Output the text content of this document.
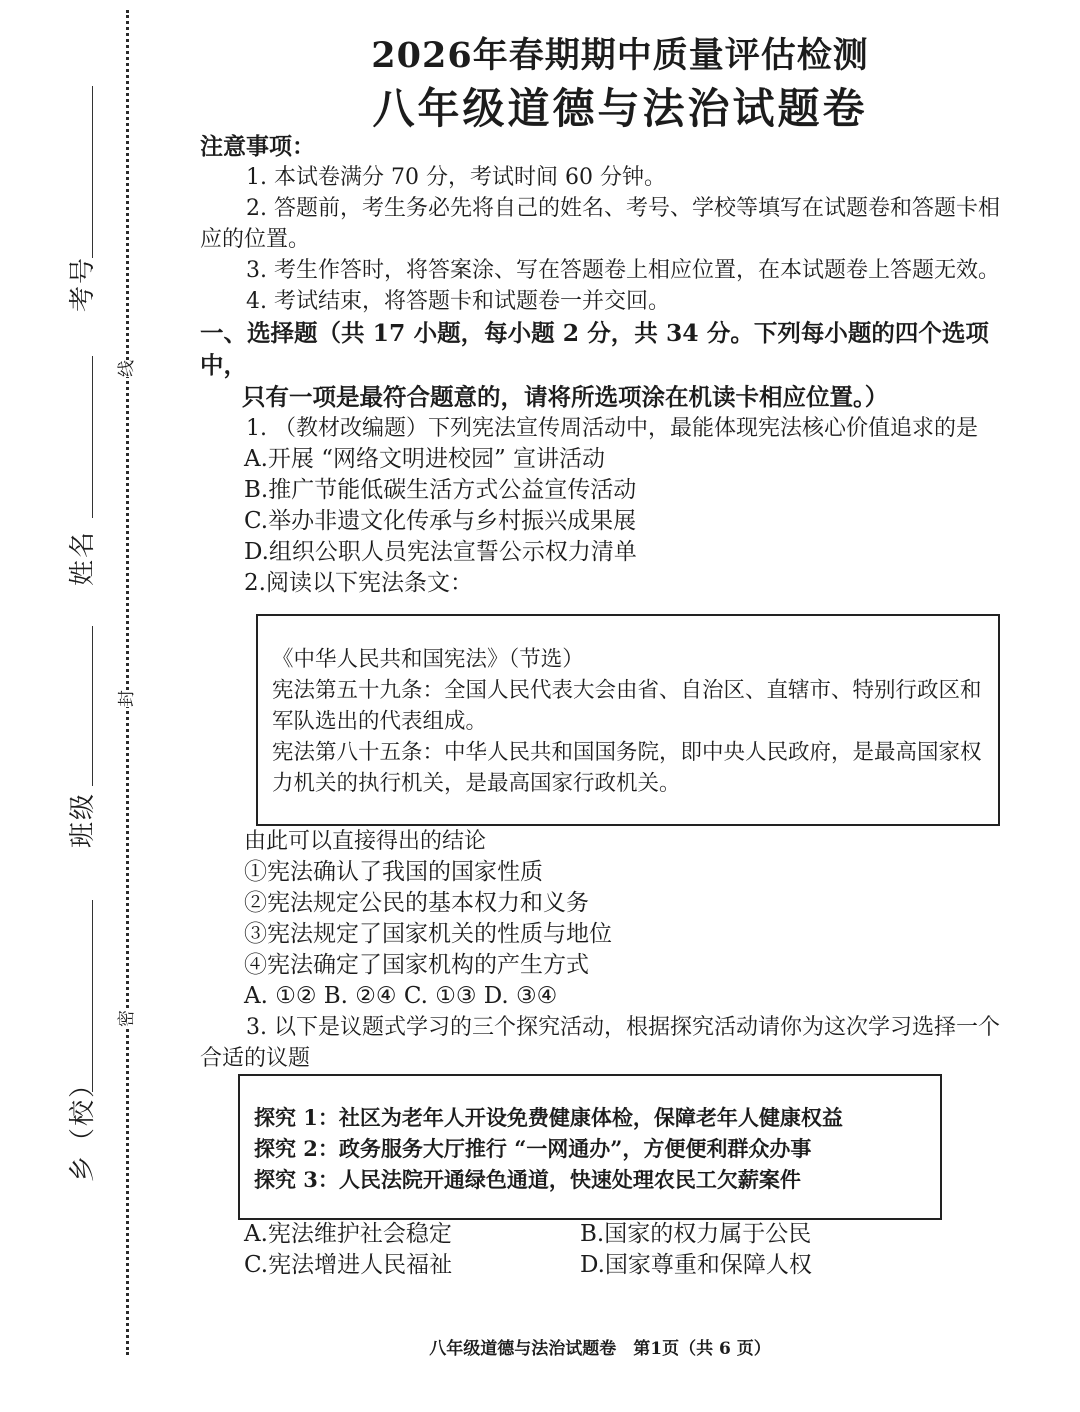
考号
姓名
班级
乡（校）
线
封
密
2026年春期期中质量评估检测
八年级道德与法治试题卷
注意事项：
1. 本试卷满分 70 分，考试时间 60 分钟。
2. 答题前，考生务必先将自己的姓名、考号、学校等填写在试题卷和答题卡相应的位置。
3. 考生作答时，将答案涂、写在答题卷上相应位置，在本试题卷上答题无效。
4. 考试结束，将答题卡和试题卷一并交回。
一、选择题（共 17 小题，每小题 2 分，共 34 分。下列每小题的四个选项中，
只有一项是最符合题意的，请将所选项涂在机读卡相应位置。）
1. （教材改编题）下列宪法宣传周活动中，最能体现宪法核心价值追求的是
A.开展 “网络文明进校园” 宣讲活动
B.推广节能低碳生活方式公益宣传活动
C.举办非遗文化传承与乡村振兴成果展
D.组织公职人员宪法宣誓公示权力清单
2.阅读以下宪法条文：
《中华人民共和国宪法》（节选）
宪法第五十九条：全国人民代表大会由省、自治区、直辖市、特别行政区和军队选出的代表组成。
宪法第八十五条：中华人民共和国国务院，即中央人民政府，是最高国家权力机关的执行机关，是最高国家行政机关。
由此可以直接得出的结论
①宪法确认了我国的国家性质
②宪法规定公民的基本权力和义务
③宪法规定了国家机关的性质与地位
④宪法确定了国家机构的产生方式
A. ①② B. ②④ C. ①③ D. ③④
3. 以下是议题式学习的三个探究活动，根据探究活动请你为这次学习选择一个合适的议题
探究 1：社区为老年人开设免费健康体检，保障老年人健康权益
探究 2：政务服务大厅推行 “一网通办”，方便便利群众办事
探究 3：人民法院开通绿色通道，快速处理农民工欠薪案件
A.宪法维护社会稳定	B.国家的权力属于公民
C.宪法增进人民福祉	D.国家尊重和保障人权
八年级道德与法治试题卷　第1页（共 6 页）
